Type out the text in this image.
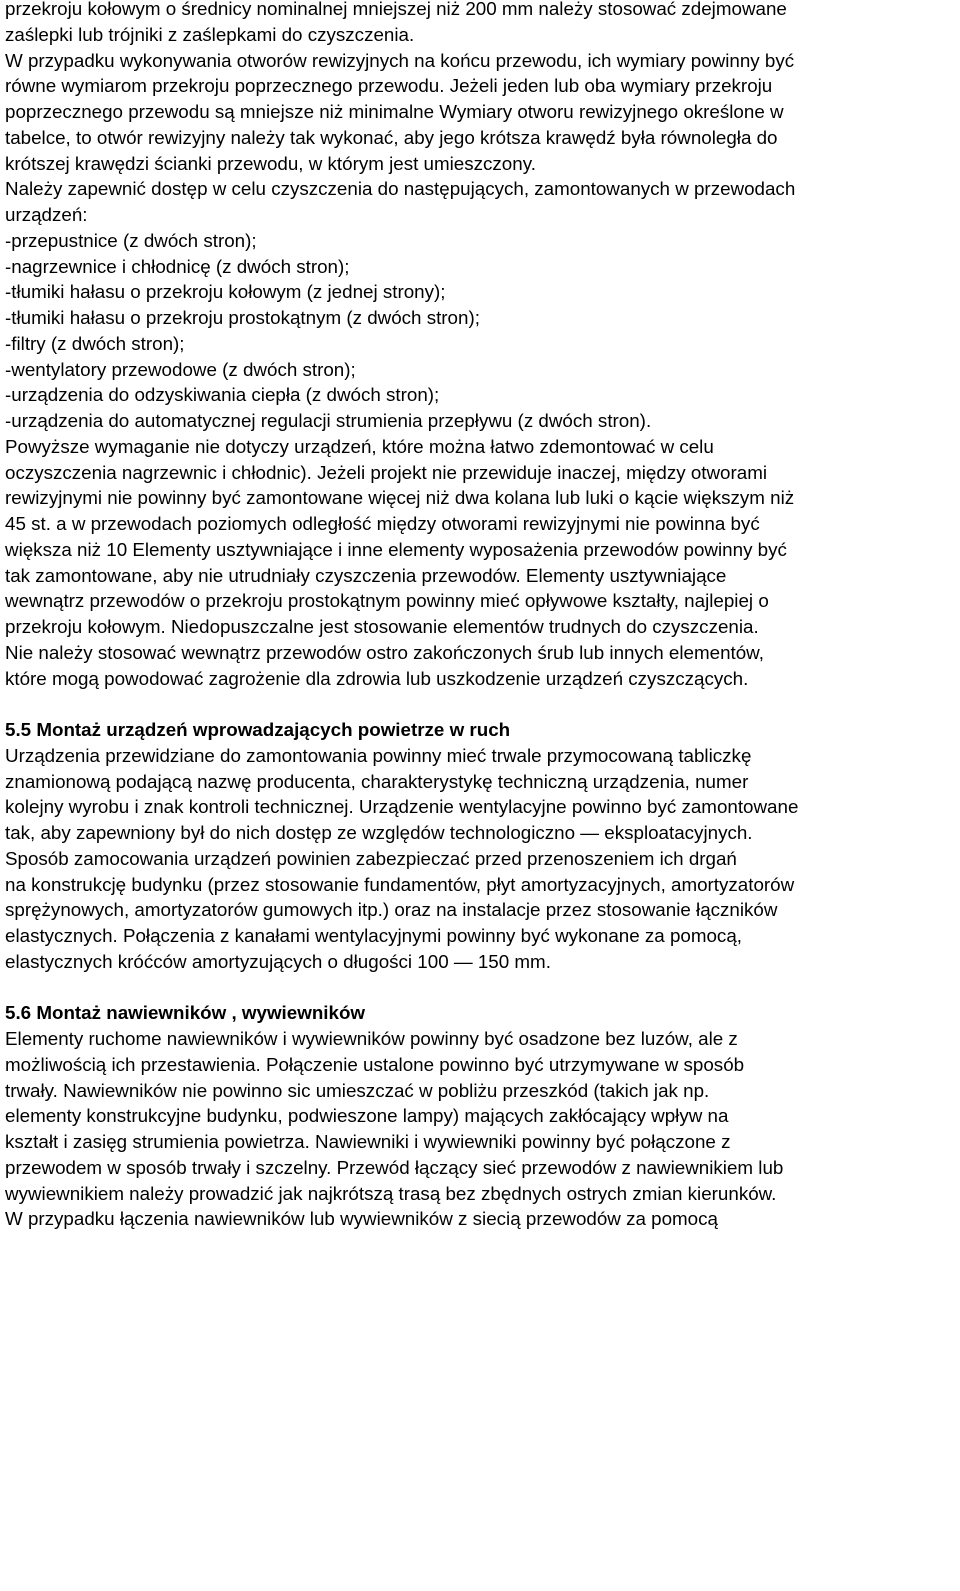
przekroju kołowym o średnicy nominalnej mniejszej niż 200 mm należy stosować zdejmowane
zaślepki lub trójniki z zaślepkami do czyszczenia.
W przypadku wykonywania otworów rewizyjnych na końcu przewodu, ich wymiary powinny być
równe wymiarom przekroju poprzecznego przewodu. Jeżeli jeden lub oba wymiary przekroju
poprzecznego przewodu są mniejsze niż minimalne Wymiary otworu rewizyjnego określone w
tabelce, to otwór rewizyjny należy tak wykonać, aby jego krótsza krawędź była równoległa do
krótszej krawędzi ścianki przewodu, w którym jest umieszczony.
Należy zapewnić dostęp w celu czyszczenia do następujących, zamontowanych w przewodach
urządzeń:
-przepustnice (z dwóch stron);
-nagrzewnice i chłodnicę (z dwóch stron);
-tłumiki hałasu o przekroju kołowym (z jednej strony);
-tłumiki hałasu o przekroju prostokątnym (z dwóch stron);
-filtry (z dwóch stron);
-wentylatory przewodowe (z dwóch stron);
-urządzenia do odzyskiwania ciepła (z dwóch stron);
-urządzenia do automatycznej regulacji strumienia przepływu (z dwóch stron).
Powyższe wymaganie nie dotyczy urządzeń, które można łatwo zdemontować w celu
oczyszczenia nagrzewnic i chłodnic). Jeżeli projekt nie przewiduje inaczej, między otworami
rewizyjnymi nie powinny być zamontowane więcej niż dwa kolana lub luki o kącie większym niż
45 st. a w przewodach poziomych odległość między otworami rewizyjnymi nie powinna być
większa niż 10 Elementy usztywniające i inne elementy wyposażenia przewodów powinny być
tak zamontowane, aby nie utrudniały czyszczenia przewodów. Elementy usztywniające
wewnątrz przewodów o przekroju prostokątnym powinny mieć opływowe kształty, najlepiej o
przekroju kołowym. Niedopuszczalne jest stosowanie elementów trudnych do czyszczenia.
Nie należy stosować wewnątrz przewodów ostro zakończonych śrub lub innych elementów,
które mogą powodować zagrożenie dla zdrowia lub uszkodzenie urządzeń czyszczących.
5.5 Montaż urządzeń wprowadzających powietrze w ruch
Urządzenia przewidziane do zamontowania powinny mieć trwale przymocowaną tabliczkę
znamionową podającą nazwę producenta, charakterystykę techniczną urządzenia, numer
kolejny wyrobu i znak kontroli technicznej. Urządzenie wentylacyjne powinno być zamontowane
tak, aby zapewniony był do nich dostęp ze względów technologiczno — eksploatacyjnych.
Sposób zamocowania urządzeń powinien zabezpieczać przed przenoszeniem ich drgań
na konstrukcję budynku (przez stosowanie fundamentów, płyt amortyzacyjnych, amortyzatorów
sprężynowych, amortyzatorów gumowych itp.) oraz na instalacje przez stosowanie łączników
elastycznych. Połączenia z kanałami wentylacyjnymi powinny być wykonane za pomocą,
elastycznych króćców amortyzujących o długości 100 — 150 mm.
5.6 Montaż nawiewników , wywiewników
Elementy ruchome nawiewników i wywiewników powinny być osadzone bez luzów, ale z
możliwością ich przestawienia. Połączenie ustalone powinno być utrzymywane w sposób
trwały. Nawiewników nie powinno sic umieszczać w pobliżu przeszkód (takich jak np.
elementy konstrukcyjne budynku, podwieszone lampy) mających zakłócający wpływ na
kształt i zasięg strumienia powietrza. Nawiewniki i wywiewniki powinny być połączone z
przewodem w sposób trwały i szczelny. Przewód łączący sieć przewodów z nawiewnikiem lub
wywiewnikiem należy prowadzić jak najkrótszą trasą bez zbędnych ostrych zmian kierunków.
W przypadku łączenia nawiewników lub wywiewników z siecią przewodów za pomocą
